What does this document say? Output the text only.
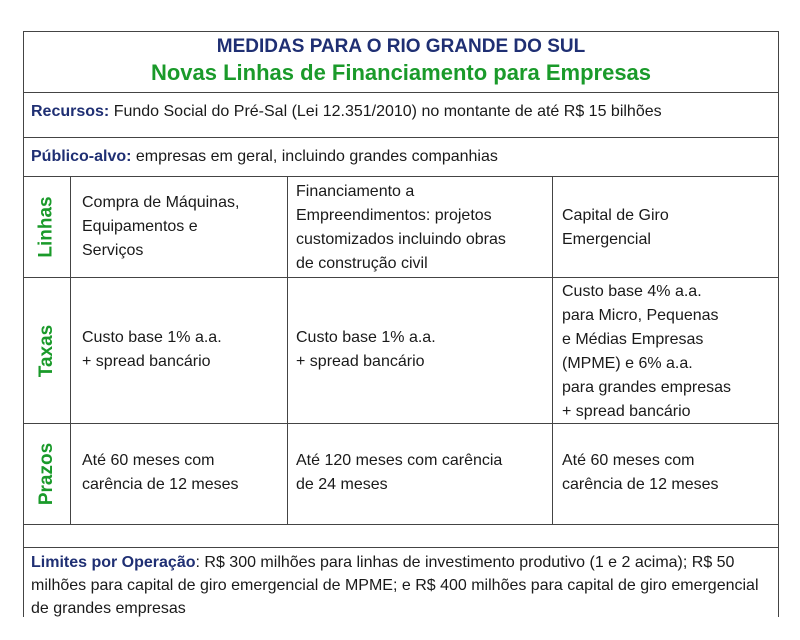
MEDIDAS PARA O RIO GRANDE DO SUL
Novas Linhas de Financiamento para Empresas
Recursos: Fundo Social do Pré-Sal (Lei 12.351/2010) no montante de até R$ 15 bilhões
Público-alvo: empresas em geral, incluindo grandes companhias
Linhas
Taxas
Prazos
Compra de Máquinas,
Equipamentos e
Serviços
Financiamento a
Empreendimentos: projetos
customizados incluindo obras
de construção civil
Capital de Giro
Emergencial
Custo base 1% a.a.
+ spread bancário
Custo base 1% a.a.
+ spread bancário
Custo base 4% a.a.
para Micro, Pequenas
e Médias Empresas
(MPME) e 6% a.a.
para grandes empresas
+ spread bancário
Até 60 meses com
carência de 12 meses
Até 120 meses com carência
de 24 meses
Até 60 meses com
carência de 12 meses
Limites por Operação: R$ 300 milhões para linhas de investimento produtivo (1 e 2 acima); R$ 50 milhões para capital de giro emergencial de MPME; e R$ 400 milhões para capital de giro emergencial de grandes empresas
